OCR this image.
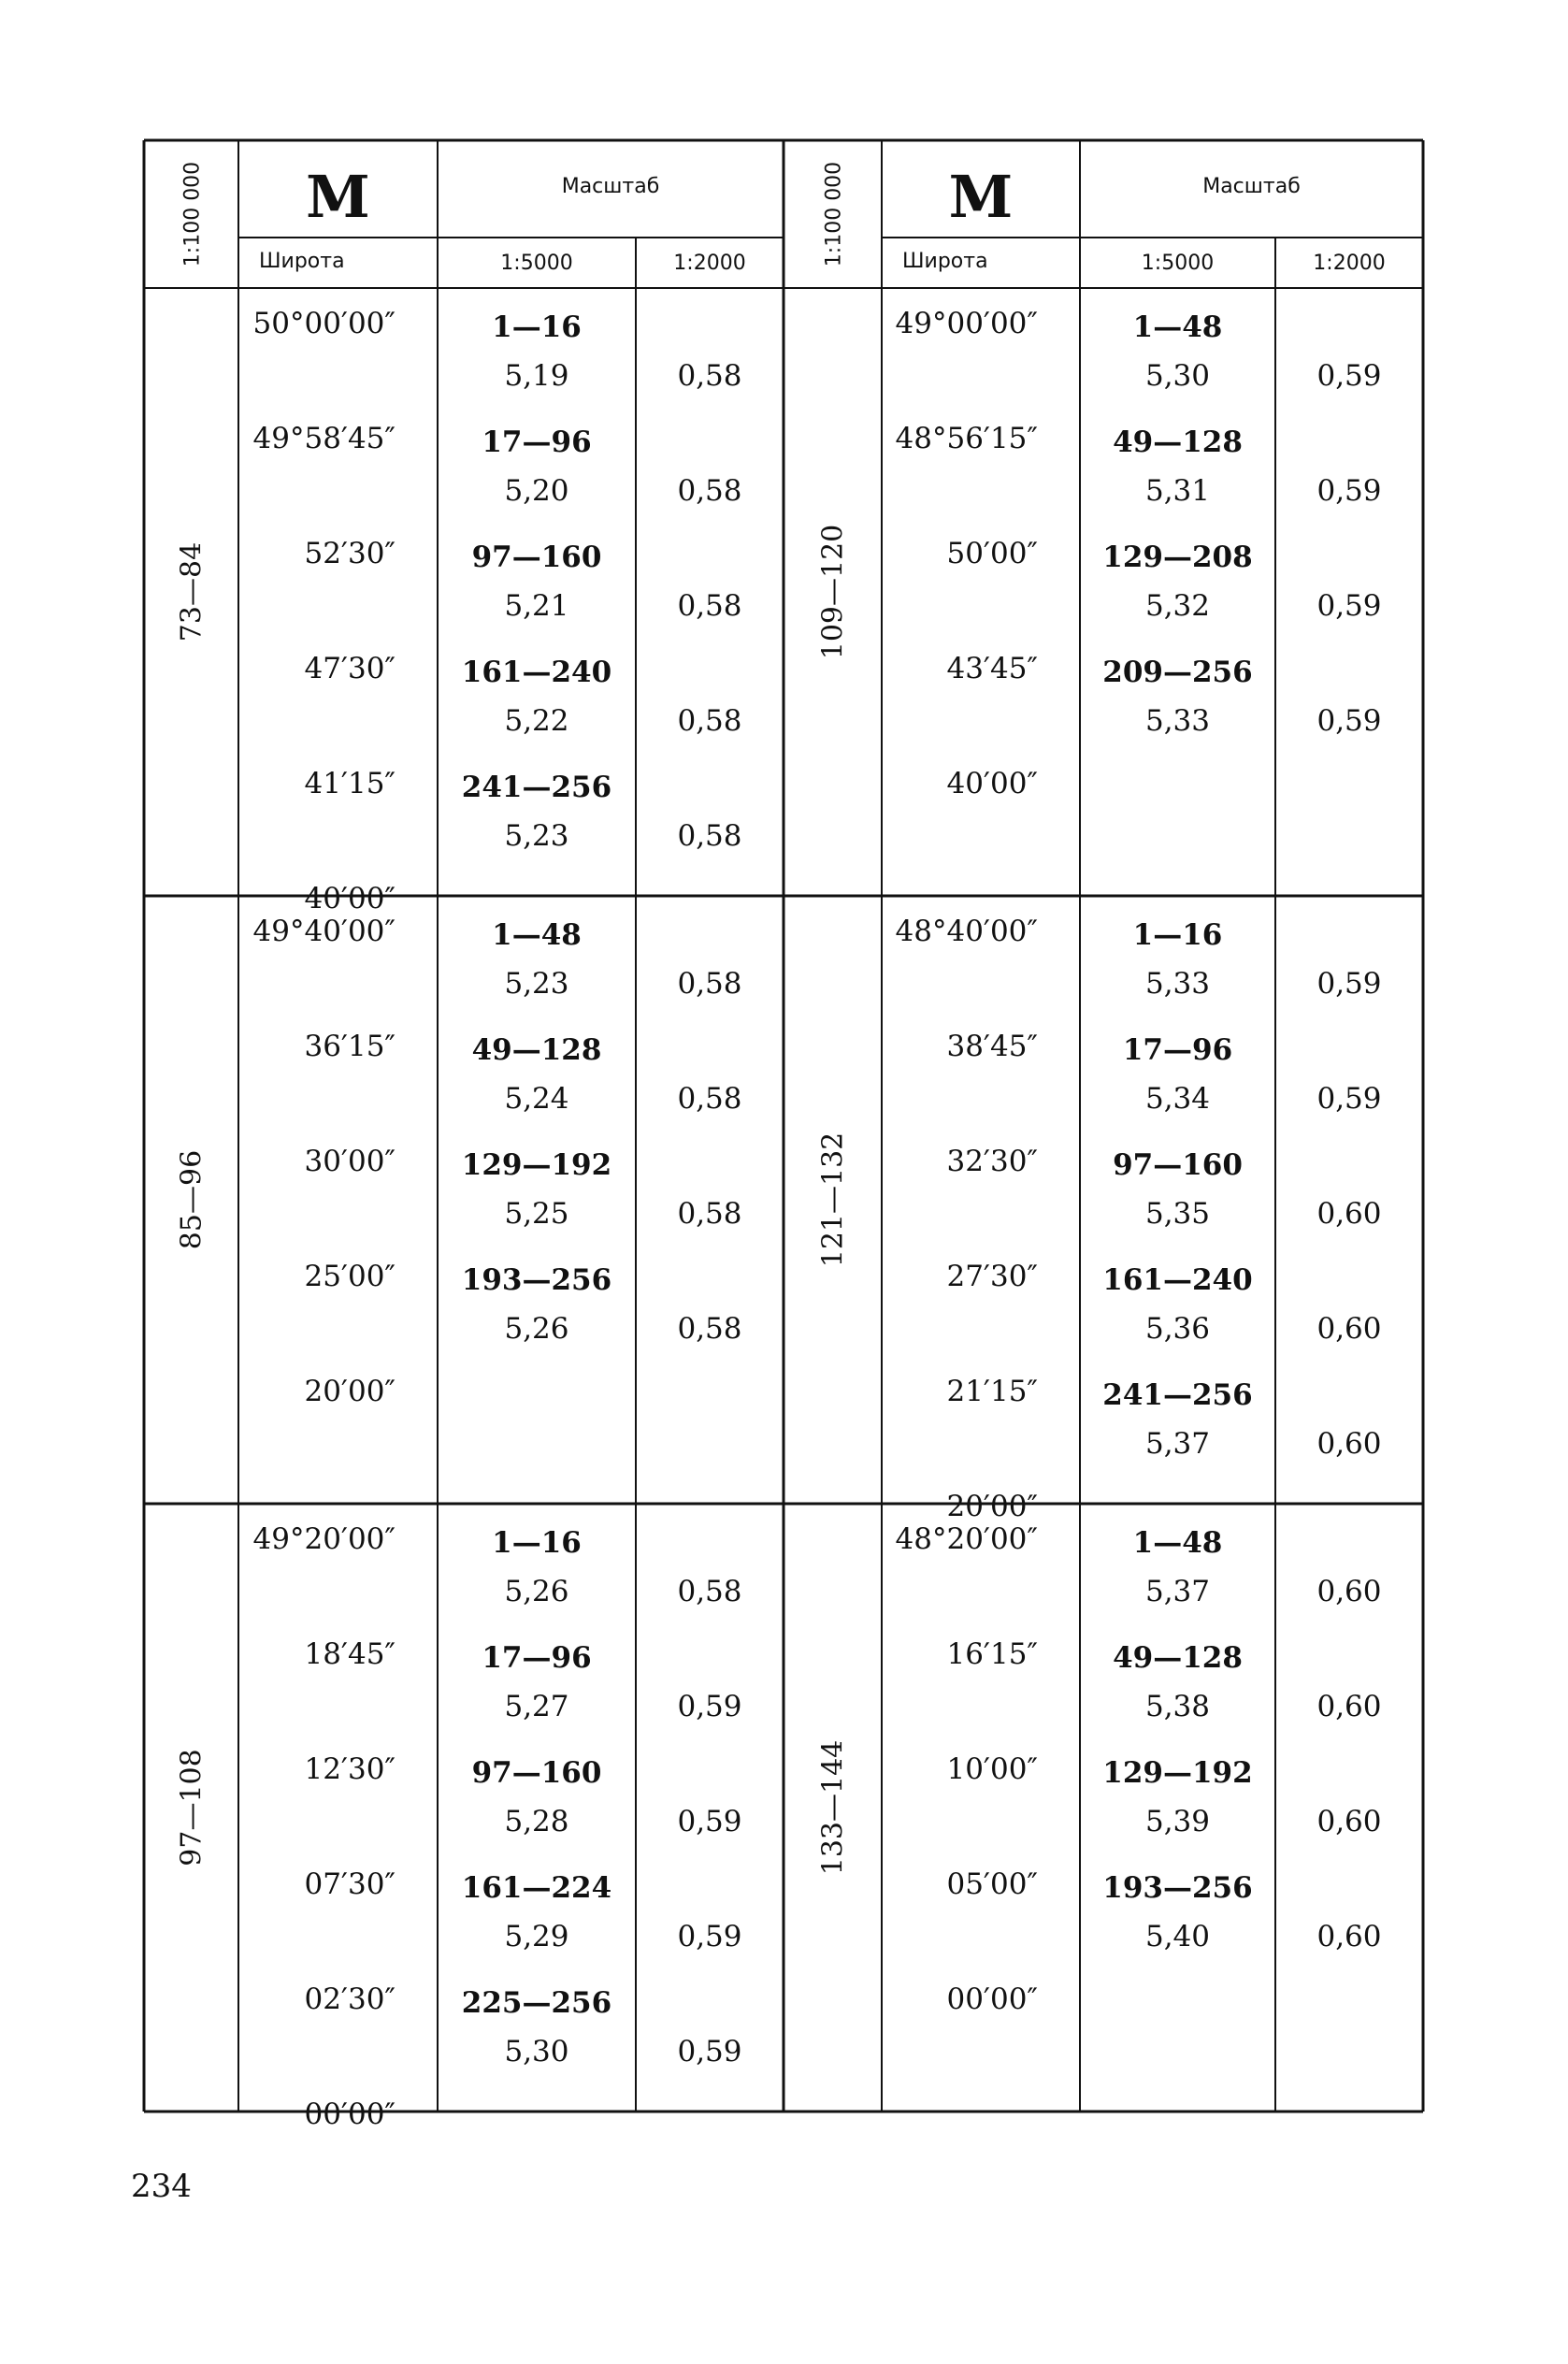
1:100 000 M	Масштаб
Широта	1:5000	1:2000
73—84
50°00′00″	1—16
5,19	0,58
49°58′45″	17—96
5,20	0,58
52′30″	97—160
5,21	0,58
47′30″ 161—240
5,22	0,58
41′15″ 241—256
5,23	0,58
40′00″
85—96
49°40′00″	1—48
5,23	0,58
36′15″	49—128
5,24	0,58
30′00″ 129—192
5,25	0,58
25′00″ 193—256
5,26	0,58
20′00″
97—108
49°20′00″	1—16
5,26	0,58
18′45″	17—96
5,27	0,59
12′30″	97—160
5,28	0,59
07′30″ 161—224
5,29	0,59
02′30″ 225—256
5,30	0,59
00′00″
1:100 000 M	Масштаб
Широта	1:5000	1:2000
109—120
49°00′00″	1—48
5,30	0,59
48°56′15″	49—128
5,31	0,59
50′00″ 129—208
5,32	0,59
43′45″ 209—256
5,33	0,59
40′00″
121—132
48°40′00″	1—16
5,33	0,59
38′45″	17—96
5,34	0,59
32′30″	97—160
5,35	0,60
27′30″ 161—240
5,36	0,60
21′15″ 241—256
5,37	0,60
20′00″
133—144
48°20′00″	1—48
5,37	0,60
16′15″	49—128
5,38	0,60
10′00″ 129—192
5,39	0,60
05′00″ 193—256
5,40	0,60
00′00″
234
